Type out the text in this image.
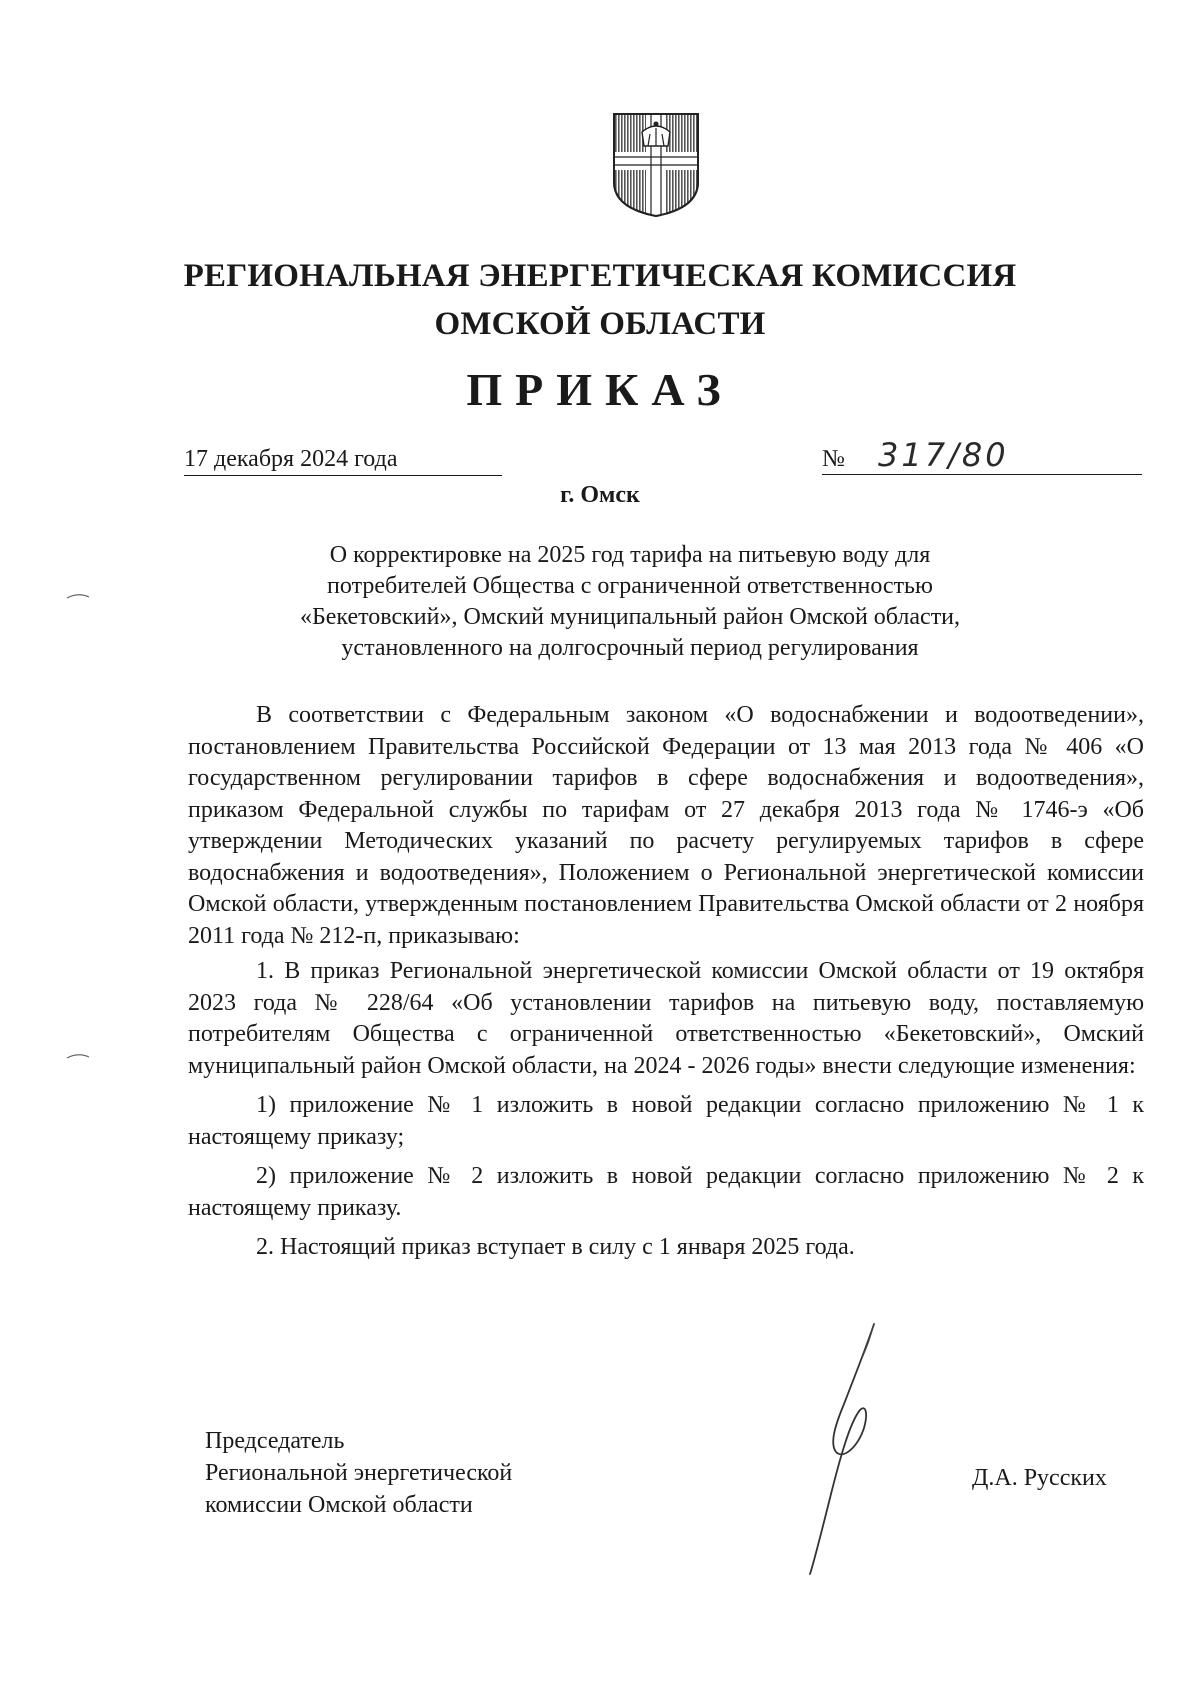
РЕГИОНАЛЬНАЯ ЭНЕРГЕТИЧЕСКАЯ КОМИССИЯ
ОМСКОЙ ОБЛАСТИ
ПРИКАЗ
17 декабря 2024 года	№ 317/80
г. Омск
О корректировке на 2025 год тарифа на питьевую воду для
потребителей Общества с ограниченной ответственностью
«Бекетовский», Омский муниципальный район Омской области,
установленного на долгосрочный период регулирования

В соответствии с Федеральным законом «О водоснабжении и водоотведении», постановлением Правительства Российской Федерации от 13 мая 2013 года № 406 «О государственном регулировании тарифов в сфере водоснабжения и водоотведения», приказом Федеральной службы по тарифам от 27 декабря 2013 года № 1746-э «Об утверждении Методических указаний по расчету регулируемых тарифов в сфере водоснабжения и водоотведения», Положением о Региональной энергетической комиссии Омской области, утвержденным постановлением Правительства Омской области от 2 ноября 2011 года № 212-п, приказываю:

1. В приказ Региональной энергетической комиссии Омской области от 19 октября 2023 года № 228/64 «Об установлении тарифов на питьевую воду, поставляемую потребителям Общества с ограниченной ответственностью «Бекетовский», Омский муниципальный район Омской области, на 2024 - 2026 годы» внести следующие изменения:

1) приложение № 1 изложить в новой редакции согласно приложению № 1 к настоящему приказу;

2) приложение № 2 изложить в новой редакции согласно приложению № 2 к настоящему приказу.

2. Настоящий приказ вступает в силу с 1 января 2025 года.

Председатель
Региональной энергетической
комиссии Омской области
Д.А. Русских
